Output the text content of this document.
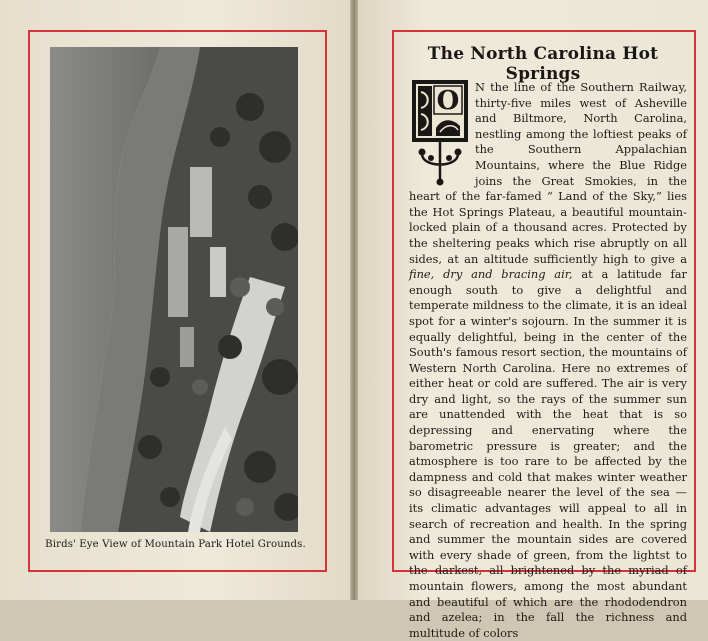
Birds' Eye View of Mountain Park Hotel Grounds.
The North Carolina Hot Springs
O	N the line of the Southern Railway, thirty-five miles west of Asheville and Biltmore, North Carolina, nestling among the loftiest peaks of the Southern Appalachian Mountains, where the Blue Ridge joins the Great Smokies, in the heart of the far-famed “ Land of the Sky,” lies the Hot Springs Plateau, a beautiful mountain-locked plain of a thousand acres. Protected by the sheltering peaks which rise abruptly on all sides, at an altitude sufficiently high to give a fine, dry and bracing air, at a latitude far enough south to give a delightful and temperate mildness to the climate, it is an ideal spot for a winter's sojourn. In the summer it is equally delightful, being in the center of the South's famous resort section, the mountains of Western North Carolina. Here no extremes of either heat or cold are suffered. The air is very dry and light, so the rays of the summer sun are unattended with the heat that is so depressing and enervating where the barometric pressure is greater; and the atmosphere is too rare to be affected by the dampness and cold that makes winter weather so disagreeable nearer the level of the sea — its climatic advantages will appeal to all in search of recreation and health. In the spring and summer the mountain sides are covered with every shade of green, from the lightst to the darkest, all brightened by the myriad of mountain flowers, among the most abundant and beautiful of which are the rhododendron and azelea; in the fall the richness and multitude of colors
